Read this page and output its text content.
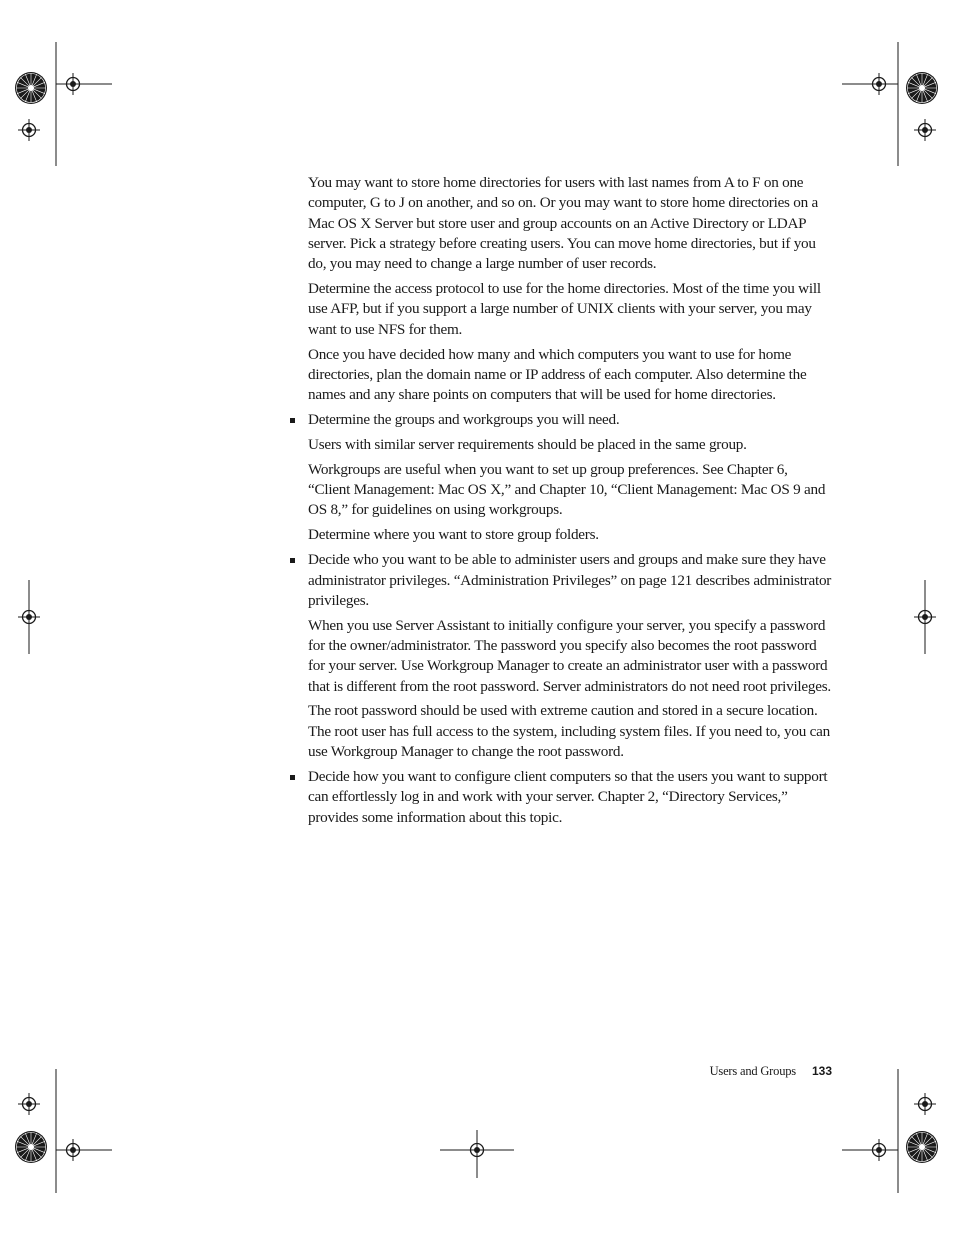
You may want to store home directories for users with last names from A to F on one computer, G to J on another, and so on. Or you may want to store home directories on a Mac OS X Server but store user and group accounts on an Active Directory or LDAP server. Pick a strategy before creating users. You can move home directories, but if you do, you may need to change a large number of user records.

Determine the access protocol to use for the home directories. Most of the time you will use AFP, but if you support a large number of UNIX clients with your server, you may want to use NFS for them.

Once you have decided how many and which computers you want to use for home directories, plan the domain name or IP address of each computer. Also determine the names and any share points on computers that will be used for home directories.

Determine the groups and workgroups you will need.

Users with similar server requirements should be placed in the same group.

Workgroups are useful when you want to set up group preferences. See Chapter 6, “Client Management: Mac OS X,” and Chapter 10, “Client Management: Mac OS 9 and OS 8,” for guidelines on using workgroups.

Determine where you want to store group folders.

Decide who you want to be able to administer users and groups and make sure they have administrator privileges. “Administration Privileges” on page 121 describes administrator privileges.

When you use Server Assistant to initially configure your server, you specify a password for the owner/administrator. The password you specify also becomes the root password for your server. Use Workgroup Manager to create an administrator user with a password that is different from the root password. Server administrators do not need root privileges.

The root password should be used with extreme caution and stored in a secure location. The root user has full access to the system, including system files. If you need to, you can use Workgroup Manager to change the root password.

Decide how you want to configure client computers so that the users you want to support can effortlessly log in and work with your server. Chapter 2, “Directory Services,” provides some information about this topic.

Users and Groups 133
